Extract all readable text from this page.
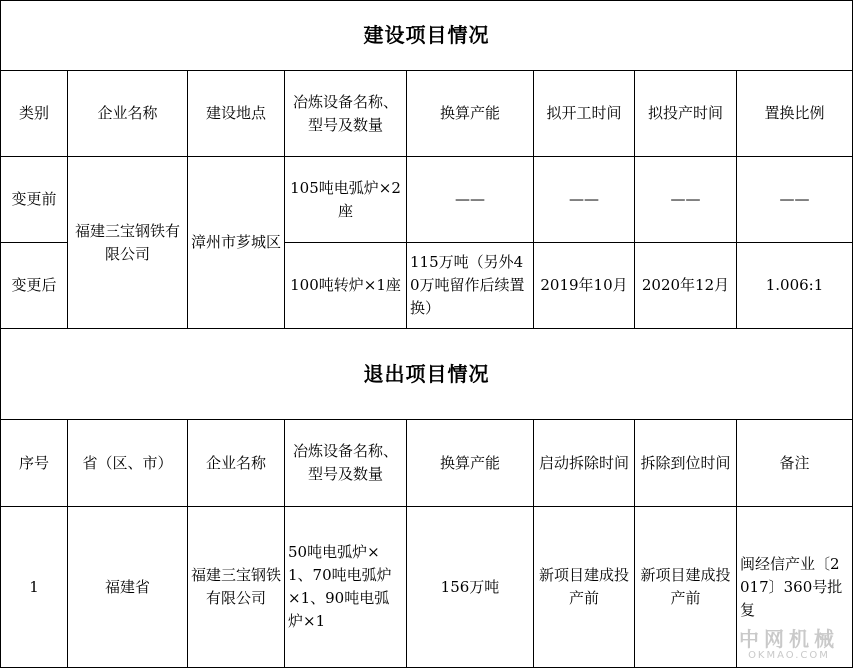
建设项目情况							
类别	企业名称	建设地点	冶炼设备名称、型号及数量	换算产能	拟开工时间	拟投产时间	置换比例
变更前	福建三宝钢铁有限公司	漳州市芗城区	105吨电弧炉×2座	——	——	——	——
变更后			100吨转炉×1座	115万吨（另外40万吨留作后续置换）	2019年10月	2020年12月	1.006:1
退出项目情况							
序号	省（区、市）	企业名称	冶炼设备名称、型号及数量	换算产能	启动拆除时间	拆除到位时间	备注
1	福建省	福建三宝钢铁有限公司	50吨电弧炉×1、70吨电弧炉×1、90吨电弧炉×1	156万吨	新项目建成投产前	新项目建成投产前	闽经信产业〔2017〕360号批复
中网机械
OKMAO.COM
